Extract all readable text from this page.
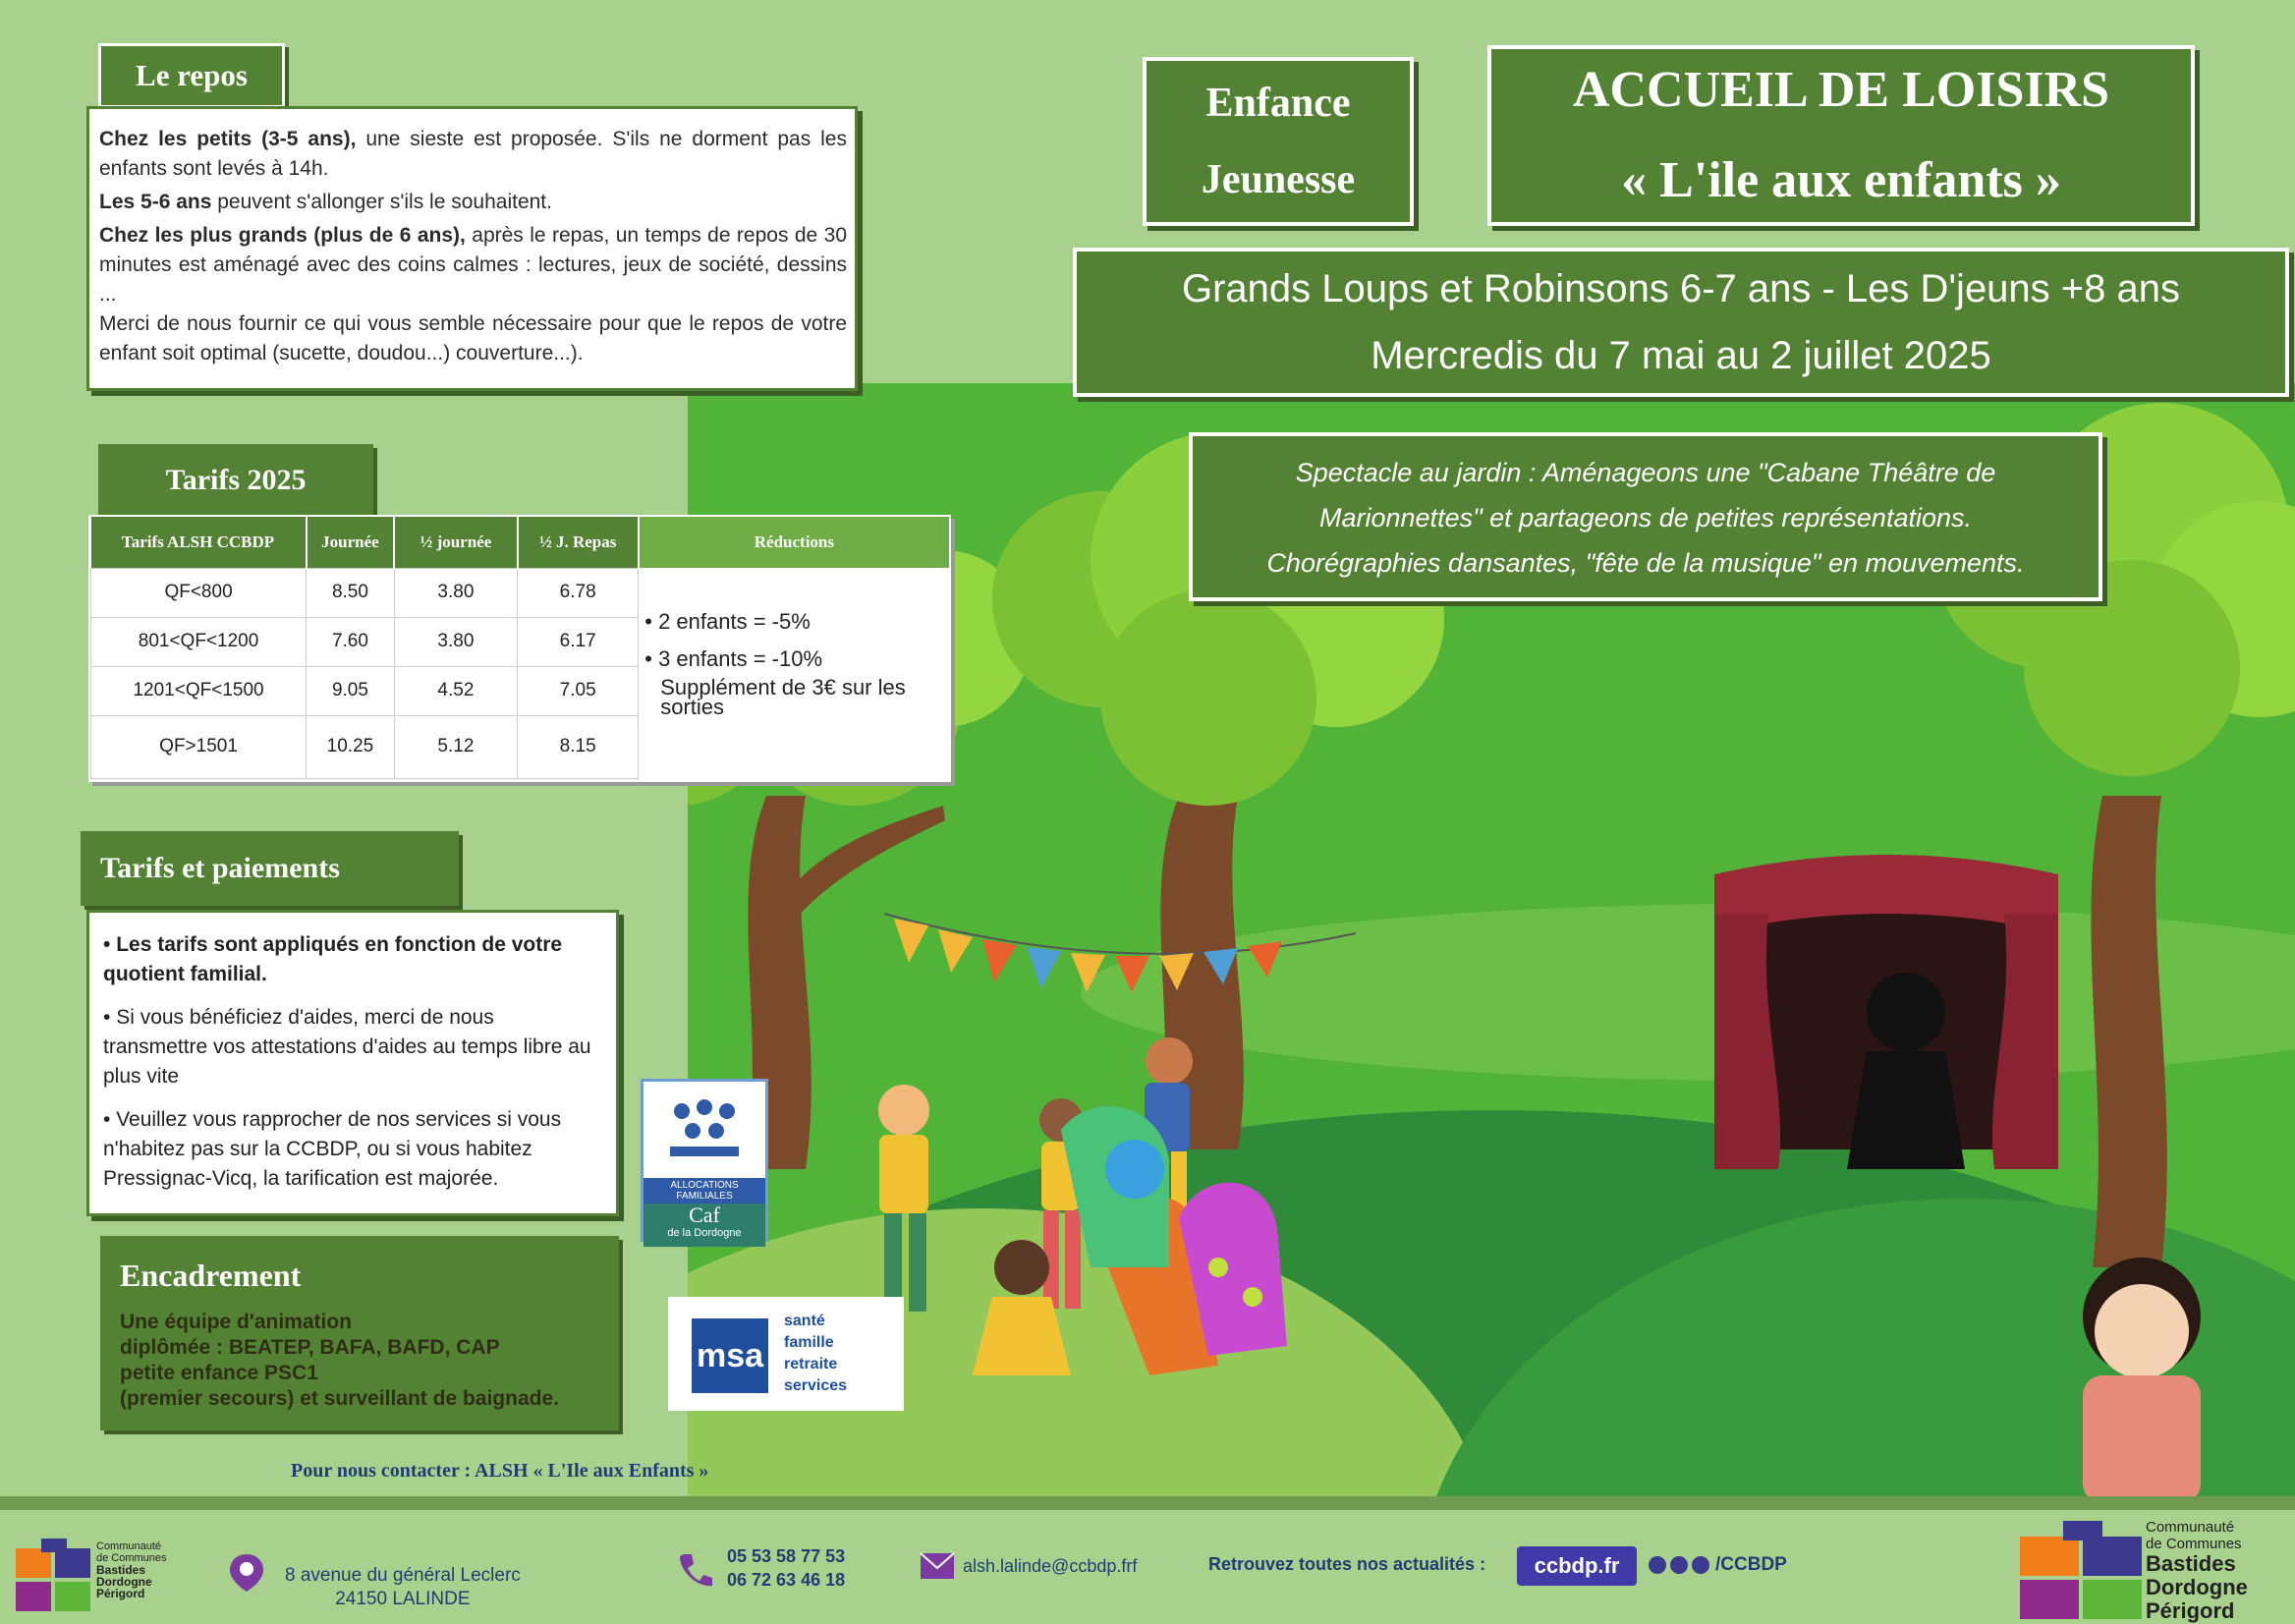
Le repos

Chez les petits (3-5 ans), une sieste est proposée. S'ils ne dorment pas les enfants sont levés à 14h.

Les 5-6 ans peuvent s'allonger s'ils le souhaitent.

Chez les plus grands (plus de 6 ans), après le repas, un temps de repos de 30 minutes est aménagé avec des coins calmes : lectures, jeux de société, dessins ...

Merci de nous fournir ce qui vous semble nécessaire pour que le repos de votre enfant soit optimal (sucette, doudou...) couverture...).

Enfance
Jeunesse
ACCUEIL DE LOISIRS
« L'ile aux enfants »
Grands Loups et Robinsons 6-7 ans - Les D'jeuns +8 ans
Mercredis du 7 mai au 2 juillet 2025
Spectacle au jardin : Aménageons une "Cabane Théâtre de
Marionnettes" et partageons de petites représentations.
Chorégraphies dansantes, "fête de la musique" en mouvements.
Tarifs 2025
Tarifs ALSH CCBDP	Journée	½ journée	½ J. Repas	Réductions
QF<800	8.50	3.80	6.78	• 2 enfants = -5%
• 3 enfants = -10%
Supplément de 3€ sur les sorties

801<QF<1200	7.60	3.80	6.17	
1201<QF<1500	9.05	4.52	7.05	
QF>1501	10.25	5.12	8.15	
Tarifs et paiements

• Les tarifs sont appliqués en fonction de votre quotient familial.

• Si vous bénéficiez d'aides, merci de nous transmettre vos attestations d'aides au temps libre au plus vite

• Veuillez vous rapprocher de nos services si vous n'habitez pas sur la CCBDP, ou si vous habitez Pressignac-Vicq, la tarification est majorée.

Encadrement
Une équipe d'animation
diplômée : BEATEP, BAFA, BAFD, CAP
petite enfance PSC1
(premier secours) et surveillant de baignade.
ALLOCATIONS
FAMILIALES
Caf
de la Dordogne
msa
santé
famille
retraite
services
Pour nous contacter : ALSH « L'Ile aux Enfants »
Communauté
de Communes
Bastides
Dordogne
Périgord
8 avenue du général Leclerc
24150 LALINDE
05 53 58 77 53
06 72 63 46 18
alsh.lalinde@ccbdp.frf	Retrouvez toutes nos actualités :	ccbdp.fr	/CCBDP
Communauté
de Communes
Bastides
Dordogne
Périgord
